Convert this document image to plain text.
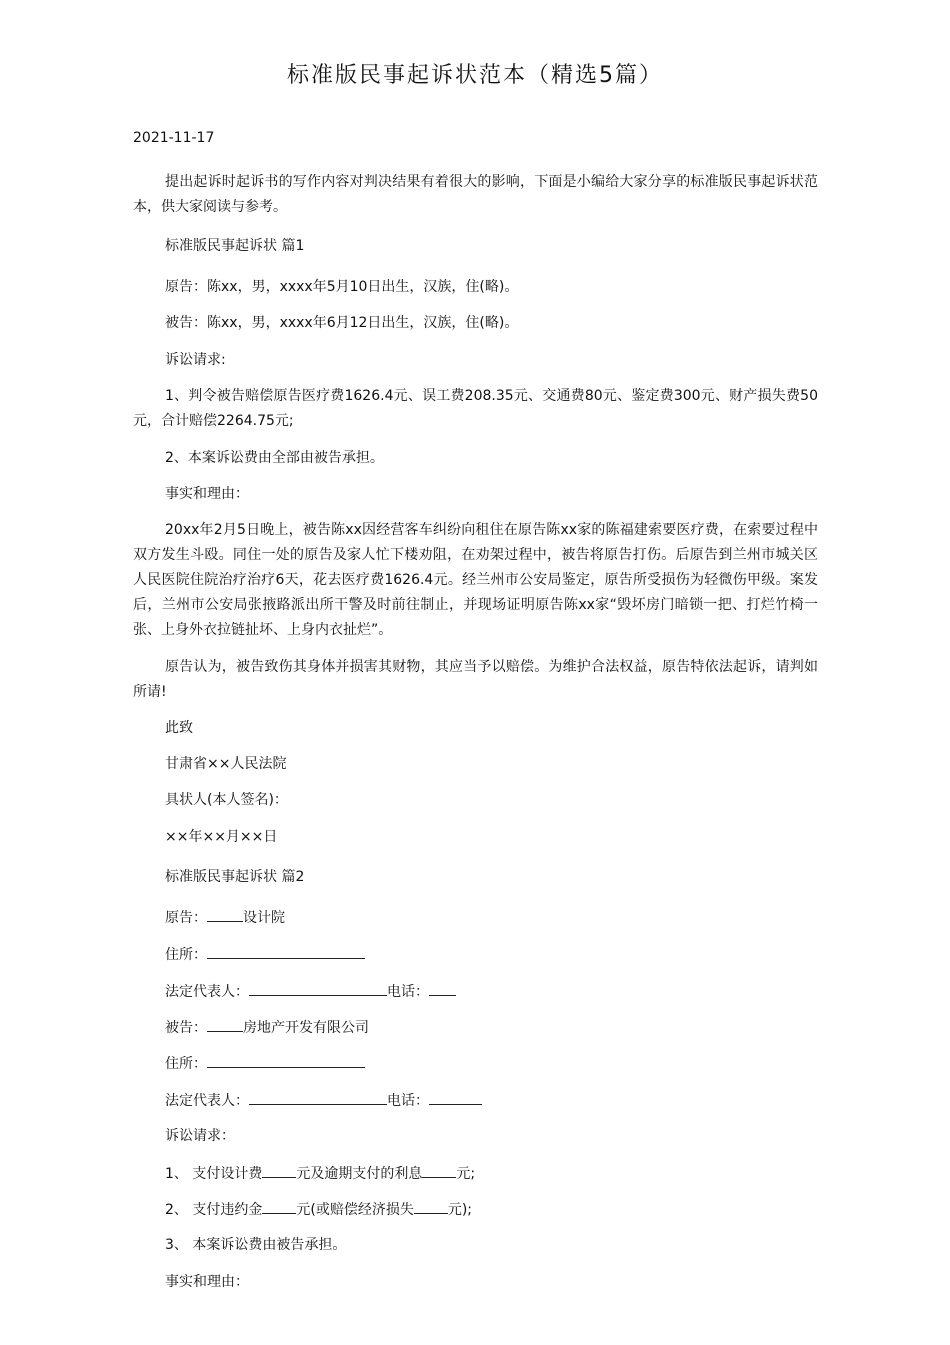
标准版民事起诉状范本（精选5篇）
2021-11-17

提出起诉时起诉书的写作内容对判决结果有着很大的影响，下面是小编给大家分享的标准版民事起诉状范本，供大家阅读与参考。

标准版民事起诉状 篇1
原告：陈xx，男，xxxx年5月10日出生，汉族，住(略)。
被告：陈xx，男，xxxx年6月12日出生，汉族，住(略)。
诉讼请求:

1、判令被告赔偿原告医疗费1626.4元、误工费208.35元、交通费80元、鉴定费300元、财产损失费50元，合计赔偿2264.75元;

2、本案诉讼费由全部由被告承担。
事实和理由：

20xx年2月5日晚上，被告陈xx因经营客车纠纷向租住在原告陈xx家的陈福建索要医疗费，在索要过程中双方发生斗殴。同住一处的原告及家人忙下楼劝阻，在劝架过程中，被告将原告打伤。后原告到兰州市城关区人民医院住院治疗治疗6天，花去医疗费1626.4元。经兰州市公安局鉴定，原告所受损伤为轻微伤甲级。案发后，兰州市公安局张掖路派出所干警及时前往制止，并现场证明原告陈xx家“毁坏房门暗锁一把、打烂竹椅一张、上身外衣拉链扯坏、上身内衣扯烂”。

原告认为，被告致伤其身体并损害其财物，其应当予以赔偿。为维护合法权益，原告特依法起诉，请判如所请!

此致
甘肃省××人民法院
具状人(本人签名)：
××年××月××日
标准版民事起诉状 篇2
原告：	设计院
住所：
法定代表人：	电话：
被告：	房地产开发有限公司
住所：
法定代表人：	电话：
诉讼请求：
1、 支付设计费 元及逾期支付的利息 元;
2、 支付违约金 元(或赔偿经济损失 元);
3、 本案诉讼费由被告承担。
事实和理由：
